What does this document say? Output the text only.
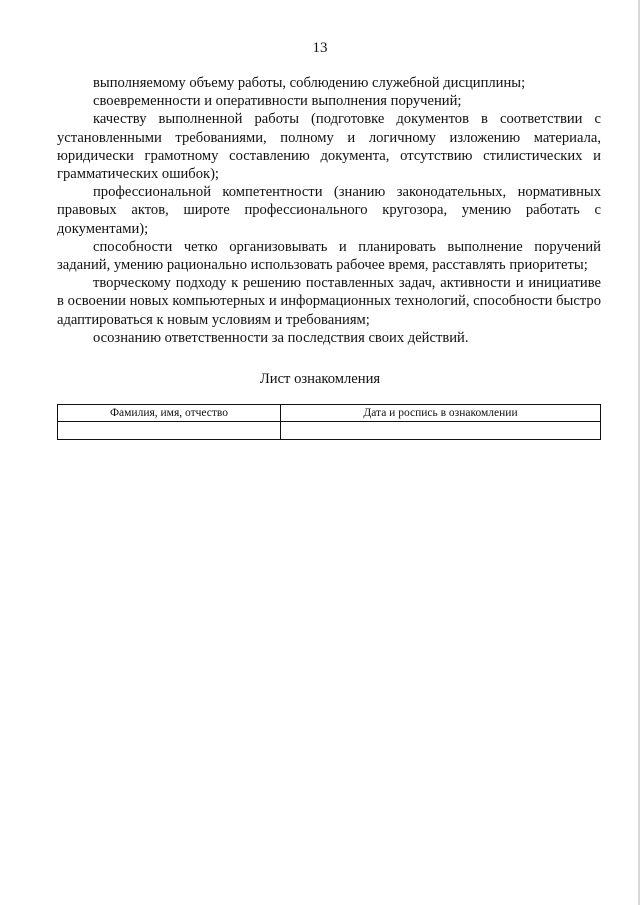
13

выполняемому объему работы, соблюдению служебной дисциплины;

своевременности и оперативности выполнения поручений;

качеству выполненной работы (подготовке документов в соответствии с установленными требованиями, полному и логичному изложению материала, юридически грамотному составлению документа, отсутствию стилистических и грамматических ошибок);

профессиональной компетентности (знанию законодательных, нормативных правовых актов, широте профессионального кругозора, умению работать с документами);

способности четко организовывать и планировать выполнение поручений заданий, умению рационально использовать рабочее время, расставлять приоритеты;

творческому подходу к решению поставленных задач, активности и инициативе в освоении новых компьютерных и информационных технологий, способности быстро адаптироваться к новым условиям и требованиям;

осознанию ответственности за последствия своих действий.

Лист ознакомления
Фамилия, имя, отчество	Дата и роспись в ознакомлении
